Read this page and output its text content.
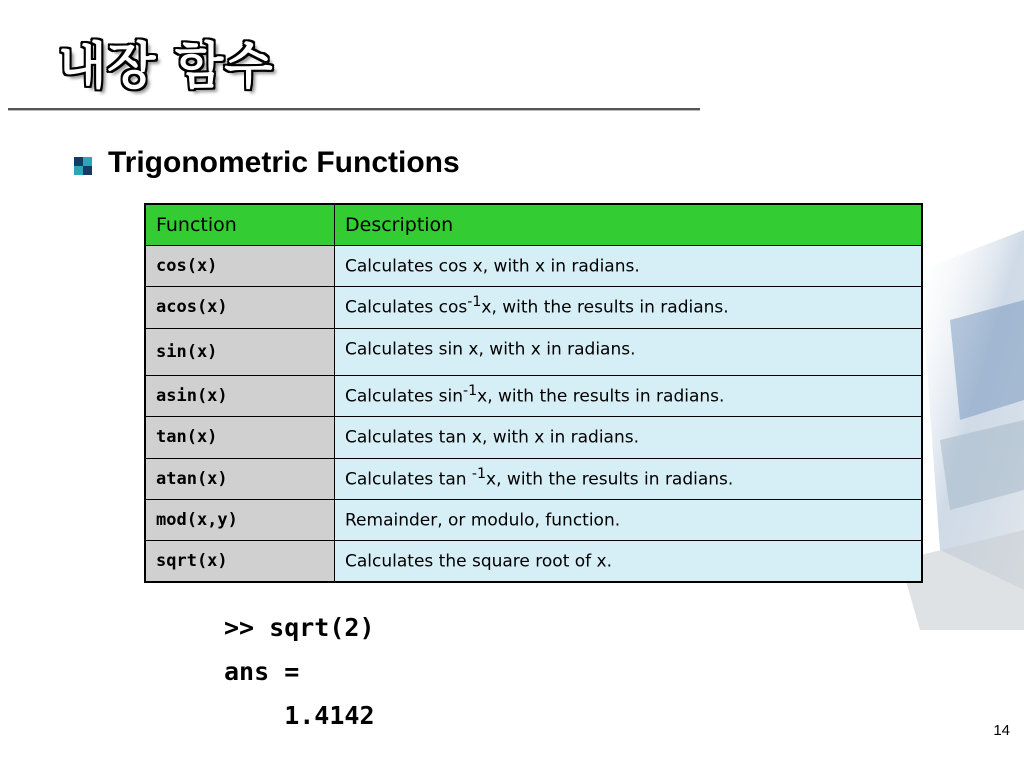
내장 함수

Trigonometric Functions

Function	Description
cos(x)	Calculates cos x, with x in radians.
acos(x)	Calculates $\cos^{-1}x$, with the results in radians.
sin(x)	Calculates sin x, with x in radians.
asin(x)	Calculates $\sin^{-1}x$, with the results in radians.
tan(x)	Calculates tan x, with x in radians.
atan(x)	Calculates tan $^{-1}$x, with the results in radians.
mod(x,y)	Remainder, or modulo, function.
sqrt(x)	Calculates the square root of x.
>> sqrt(2)
ans =
1.4142
14
